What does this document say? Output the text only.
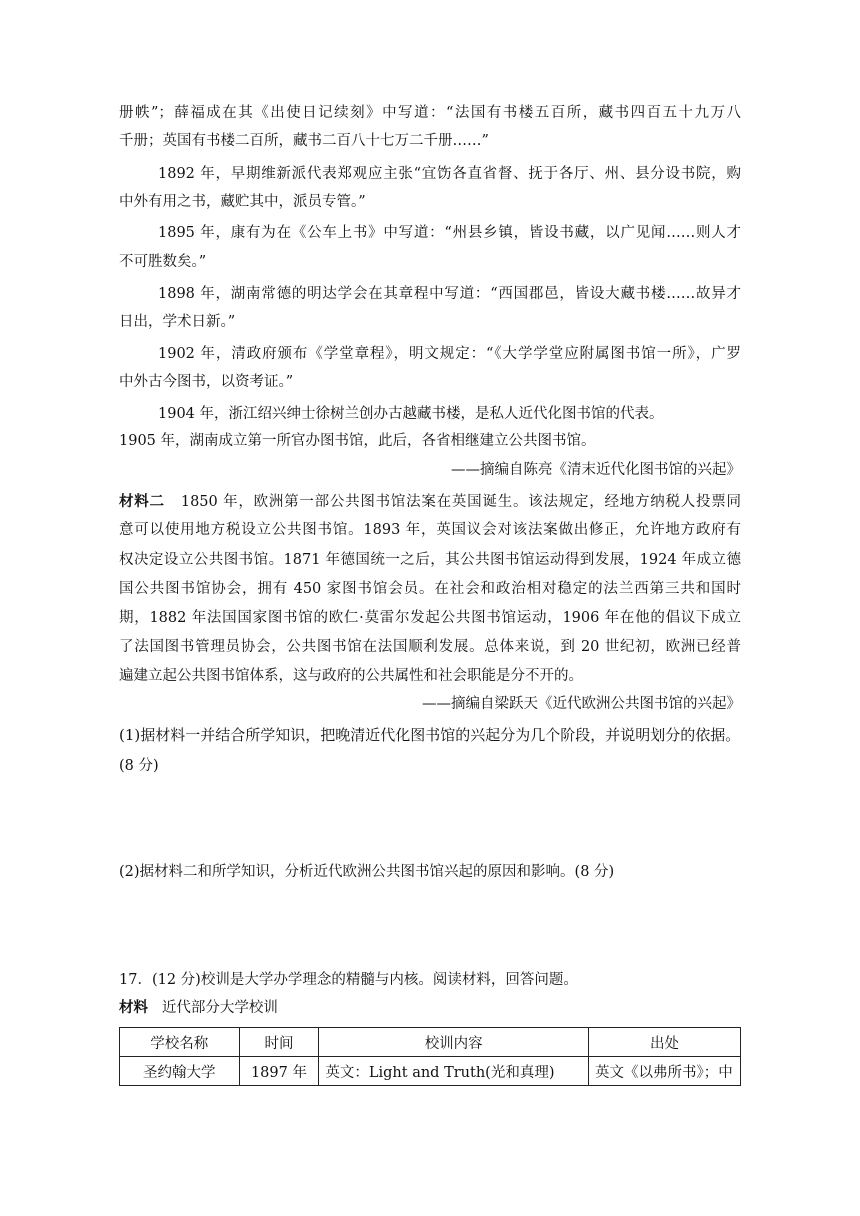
册帙”；薛福成在其《出使日记续刻》中写道：“法国有书楼五百所，藏书四百五十九万八
千册；英国有书楼二百所，藏书二百八十七万二千册……”
1892 年，早期维新派代表郑观应主张“宜饬各直省督、抚于各厅、州、县分设书院，购
中外有用之书，藏贮其中，派员专管。”
1895 年，康有为在《公车上书》中写道：“州县乡镇，皆设书藏，以广见闻……则人才
不可胜数矣。”
1898 年，湖南常德的明达学会在其章程中写道：“西国郡邑，皆设大藏书楼……故异才
日出，学术日新。”
1902 年，清政府颁布《学堂章程》，明文规定：“《大学学堂应附属图书馆一所》，广罗
中外古今图书，以资考证。”
1904 年，浙江绍兴绅士徐树兰创办古越藏书楼，是私人近代化图书馆的代表。
1905 年，湖南成立第一所官办图书馆，此后，各省相继建立公共图书馆。
——摘编自陈亮《清末近代化图书馆的兴起》
材料二 1850 年，欧洲第一部公共图书馆法案在英国诞生。该法规定，经地方纳税人投票同
意可以使用地方税设立公共图书馆。1893 年，英国议会对该法案做出修正，允许地方政府有
权决定设立公共图书馆。1871 年德国统一之后，其公共图书馆运动得到发展，1924 年成立德
国公共图书馆协会，拥有 450 家图书馆会员。在社会和政治相对稳定的法兰西第三共和国时
期，1882 年法国国家图书馆的欧仁·莫雷尔发起公共图书馆运动，1906 年在他的倡议下成立
了法国图书管理员协会，公共图书馆在法国顺利发展。总体来说，到 20 世纪初，欧洲已经普
遍建立起公共图书馆体系，这与政府的公共属性和社会职能是分不开的。
——摘编自梁跃天《近代欧洲公共图书馆的兴起》
(1)据材料一并结合所学知识，把晚清近代化图书馆的兴起分为几个阶段，并说明划分的依据。
(8 分)
(2)据材料二和所学知识，分析近代欧洲公共图书馆兴起的原因和影响。(8 分)
17．(12 分)校训是大学办学理念的精髓与内核。阅读材料，回答问题。
材料 近代部分大学校训
学校名称	时间	校训内容	出处
圣约翰大学	1897 年	英文：Light and Truth(光和真理)	英文《以弗所书》；中
